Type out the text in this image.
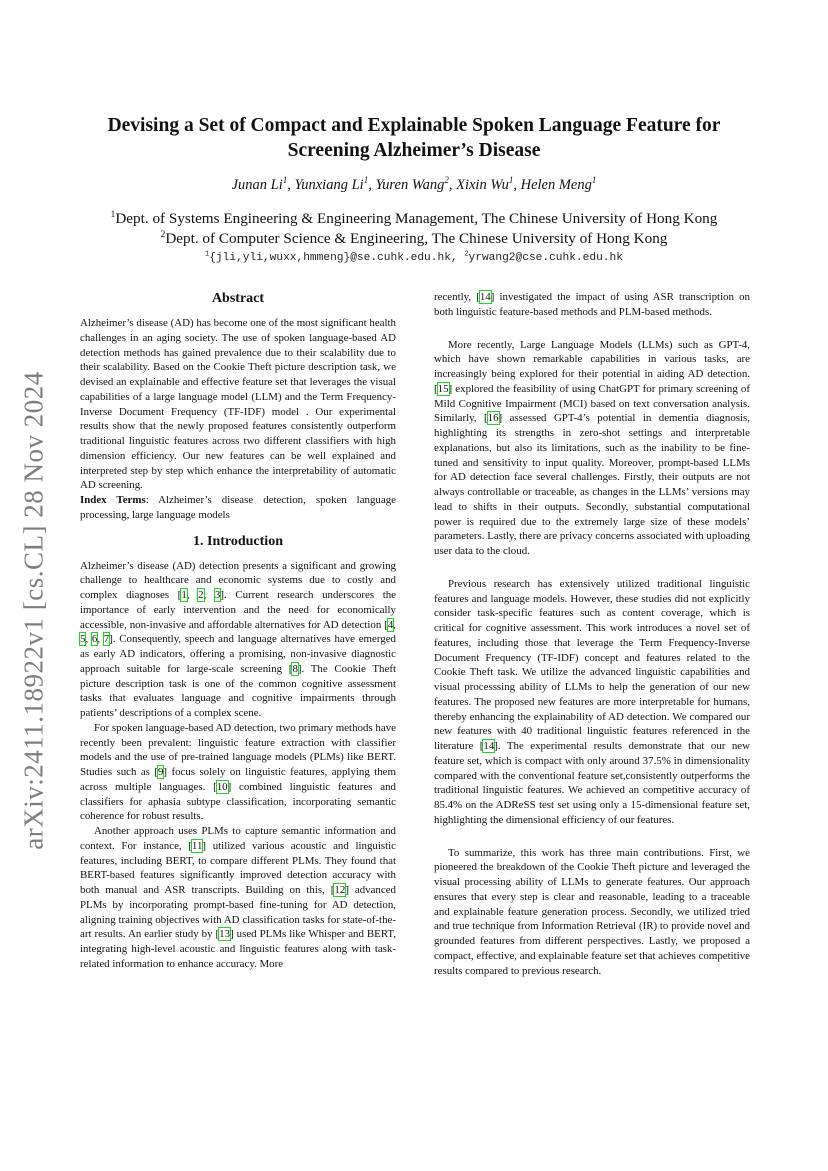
arXiv:2411.18922v1 [cs.CL] 28 Nov 2024
Devising a Set of Compact and Explainable Spoken Language Feature for Screening Alzheimer’s Disease
Junan Li$^1$, Yunxiang Li$^1$, Yuren Wang$^2$, Xixin Wu$^1$, Helen Meng$^1$
$^1$Dept. of Systems Engineering & Engineering Management, The Chinese University of Hong Kong
$^2$Dept. of Computer Science & Engineering, The Chinese University of Hong Kong
$^1${jli,yli,wuxx,hmmeng}@se.cuhk.edu.hk, $^2$yrwang2@cse.cuhk.edu.hk
Abstract

Alzheimer’s disease (AD) has become one of the most significant health challenges in an aging society. The use of spoken language-based AD detection methods has gained prevalence due to their scalability due to their scalability. Based on the Cookie Theft picture description task, we devised an explainable and effective feature set that leverages the visual capabilities of a large language model (LLM) and the Term Frequency-Inverse Document Frequency (TF-IDF) model . Our experimental results show that the newly proposed features consistently outperform traditional linguistic features across two different classifiers with high dimension efficiency. Our new features can be well explained and interpreted step by step which enhance the interpretability of automatic AD screening.

Index Terms: Alzheimer’s disease detection, spoken language processing, large language models

1. Introduction

Alzheimer’s disease (AD) detection presents a significant and growing challenge to healthcare and economic systems due to costly and complex diagnoses [1, 2, 3]. Current research underscores the importance of early intervention and the need for economically accessible, non-invasive and affordable alternatives for AD detection [4, 5, 6, 7]. Consequently, speech and language alternatives have emerged as early AD indicators, offering a promising, non-invasive diagnostic approach suitable for large-scale screening [8]. The Cookie Theft picture description task is one of the common cognitive assessment tasks that evaluates language and cognitive impairments through patients’ descriptions of a complex scene.

For spoken language-based AD detection, two primary methods have recently been prevalent: linguistic feature extraction with classifier models and the use of pre-trained language models (PLMs) like BERT. Studies such as [9] focus solely on linguistic features, applying them across multiple languages. [10] combined linguistic features and classifiers for aphasia subtype classification, incorporating semantic coherence for robust results.

Another approach uses PLMs to capture semantic information and context. For instance, [11] utilized various acoustic and linguistic features, including BERT, to compare different PLMs. They found that BERT-based features significantly improved detection accuracy with both manual and ASR transcripts. Building on this, [12] advanced PLMs by incorporating prompt-based fine-tuning for AD detection, aligning training objectives with AD classification tasks for state-of-the-art results. An earlier study by [13] used PLMs like Whisper and BERT, integrating high-level acoustic and linguistic features along with task-related information to enhance accuracy. More

recently, [14] investigated the impact of using ASR transcription on both linguistic feature-based methods and PLM-based methods.

More recently, Large Language Models (LLMs) such as GPT-4, which have shown remarkable capabilities in various tasks, are increasingly being explored for their potential in aiding AD detection. [15] explored the feasibility of using ChatGPT for primary screening of Mild Cognitive Impairment (MCI) based on text conversation analysis. Similarly, [16] assessed GPT-4’s potential in dementia diagnosis, highlighting its strengths in zero-shot settings and interpretable explanations, but also its limitations, such as the inability to be fine-tuned and sensitivity to input quality. Moreover, prompt-based LLMs for AD detection face several challenges. Firstly, their outputs are not always controllable or traceable, as changes in the LLMs’ versions may lead to shifts in their outputs. Secondly, substantial computational power is required due to the extremely large size of these models’ parameters. Lastly, there are privacy concerns associated with uploading user data to the cloud.

Previous research has extensively utilized traditional linguistic features and language models. However, these studies did not explicitly consider task-specific features such as content coverage, which is critical for cognitive assessment. This work introduces a novel set of features, including those that leverage the Term Frequency-Inverse Document Frequency (TF-IDF) concept and features related to the Cookie Theft task. We utilize the advanced linguistic capabilities and visual processsing ability of LLMs to help the generation of our new features. The proposed new features are more interpretable for humans, thereby enhancing the explainability of AD detection. We compared our new features with 40 traditional linguistic features referenced in the literature [14]. The experimental results demonstrate that our new feature set, which is compact with only around 37.5% in dimensionality compared with the conventional feature set,consistently outperforms the traditional linguistic features. We achieved an competitive accuracy of 85.4% on the ADReSS test set using only a 15-dimensional feature set, highlighting the dimensional efficiency of our features.

To summarize, this work has three main contributions. First, we pioneered the breakdown of the Cookie Theft picture and leveraged the visual processing ability of LLMs to generate features. Our approach ensures that every step is clear and reasonable, leading to a traceable and explainable feature generation process. Secondly, we utilized tried and true technique from Information Retrieval (IR) to provide novel and grounded features from different perspectives. Lastly, we proposed a compact, effective, and explainable feature set that achieves competitive results compared to previous research.
